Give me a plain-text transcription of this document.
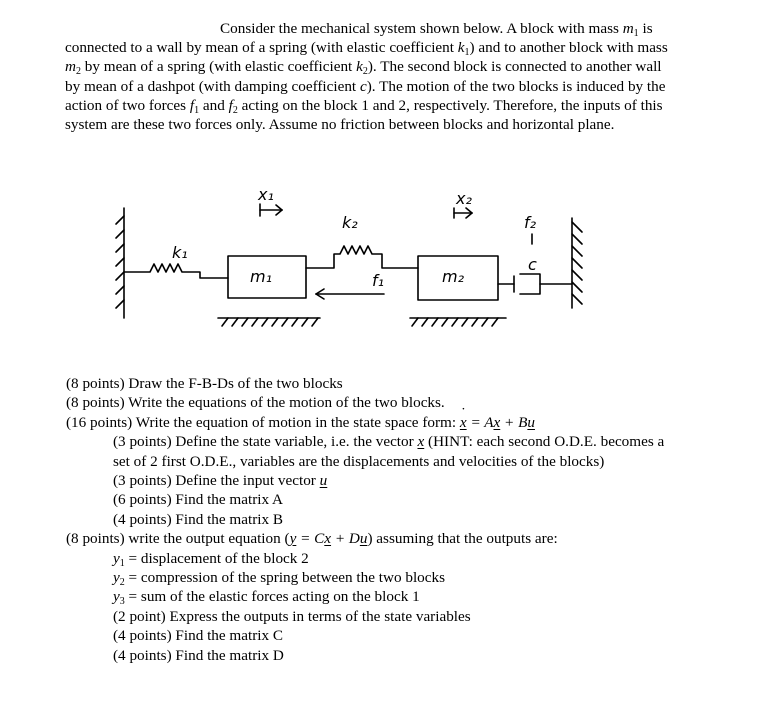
Consider the mechanical system shown below. A block with mass $m_1$ is connected to a wall by mean of a spring (with elastic coefficient $k_1$) and to another block with mass $m_2$ by mean of a spring (with elastic coefficient $k_2$). The second block is connected to another wall by mean of a dashpot (with damping coefficient c). The motion of the two blocks is induced by the action of two forces $f_1$ and $f_2$ acting on the block 1 and 2, respectively. Therefore, the inputs of this system are these two forces only. Assume no friction between blocks and horizontal plane.

x₁	x₂
k₁
k₂
m₁	m₂
f₁
f₂
c
(8 points) Draw the F-B-Ds of the two blocks
(8 points) Write the equations of the motion of the two blocks.
(16 points) Write the equation of motion in the state space form: x ˙ = Ax + Bu
(3 points) Define the state variable, i.e. the vector x (HINT: each second O.D.E. becomes a set of 2 first O.D.E., variables are the displacements and velocities of the blocks)
(3 points) Define the input vector u
(6 points) Find the matrix A
(4 points) Find the matrix B
(8 points) write the output equation (y = Cx + Du) assuming that the outputs are:
$y_1$ = displacement of the block 2
$y_2$ = compression of the spring between the two blocks
$y_3$ = sum of the elastic forces acting on the block 1
(2 point) Express the outputs in terms of the state variables
(4 points) Find the matrix C
(4 points) Find the matrix D
